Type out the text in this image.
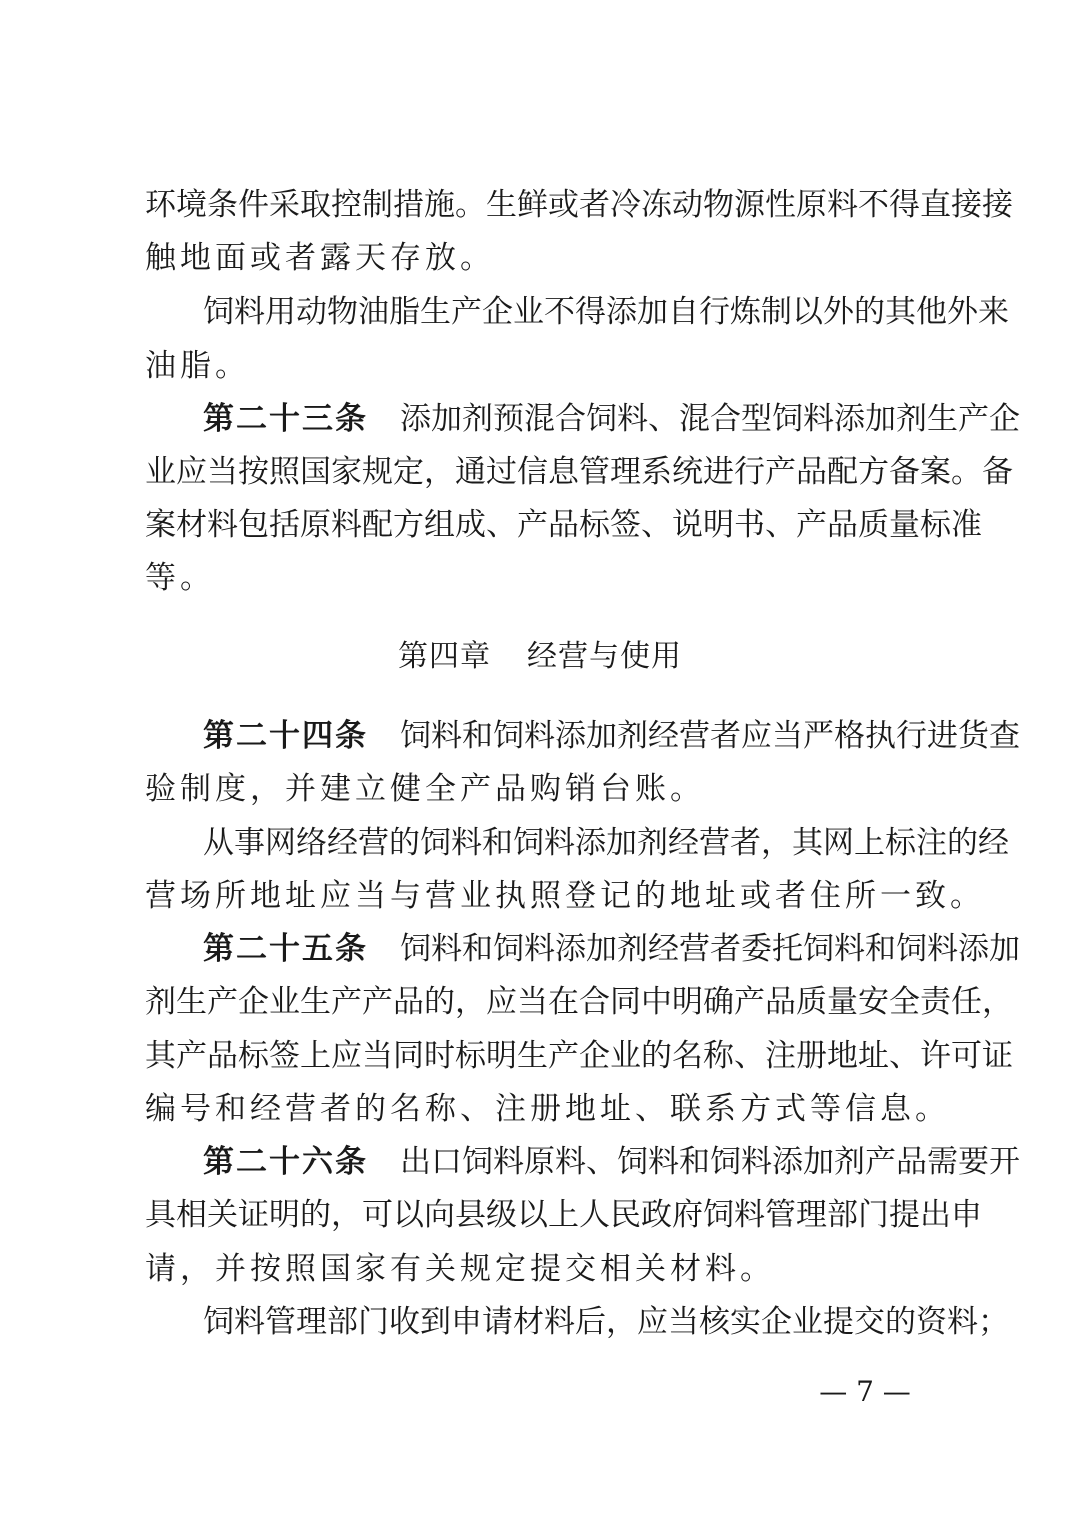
环境条件采取控制措施。生鲜或者冷冻动物源性原料不得直接接
触地面或者露天存放。
饲料用动物油脂生产企业不得添加自行炼制以外的其他外来
油脂。
第二十三条 添加剂预混合饲料、混合型饲料添加剂生产企
业应当按照国家规定，通过信息管理系统进行产品配方备案。备
案材料包括原料配方组成、产品标签、说明书、产品质量标准
等。
第四章 经营与使用
第二十四条 饲料和饲料添加剂经营者应当严格执行进货查
验制度，并建立健全产品购销台账。
从事网络经营的饲料和饲料添加剂经营者，其网上标注的经
营场所地址应当与营业执照登记的地址或者住所一致。
第二十五条 饲料和饲料添加剂经营者委托饲料和饲料添加
剂生产企业生产产品的，应当在合同中明确产品质量安全责任，
其产品标签上应当同时标明生产企业的名称、注册地址、许可证
编号和经营者的名称、注册地址、联系方式等信息。
第二十六条 出口饲料原料、饲料和饲料添加剂产品需要开
具相关证明的，可以向县级以上人民政府饲料管理部门提出申
请，并按照国家有关规定提交相关材料。
饲料管理部门收到申请材料后，应当核实企业提交的资料；
— 7 —
